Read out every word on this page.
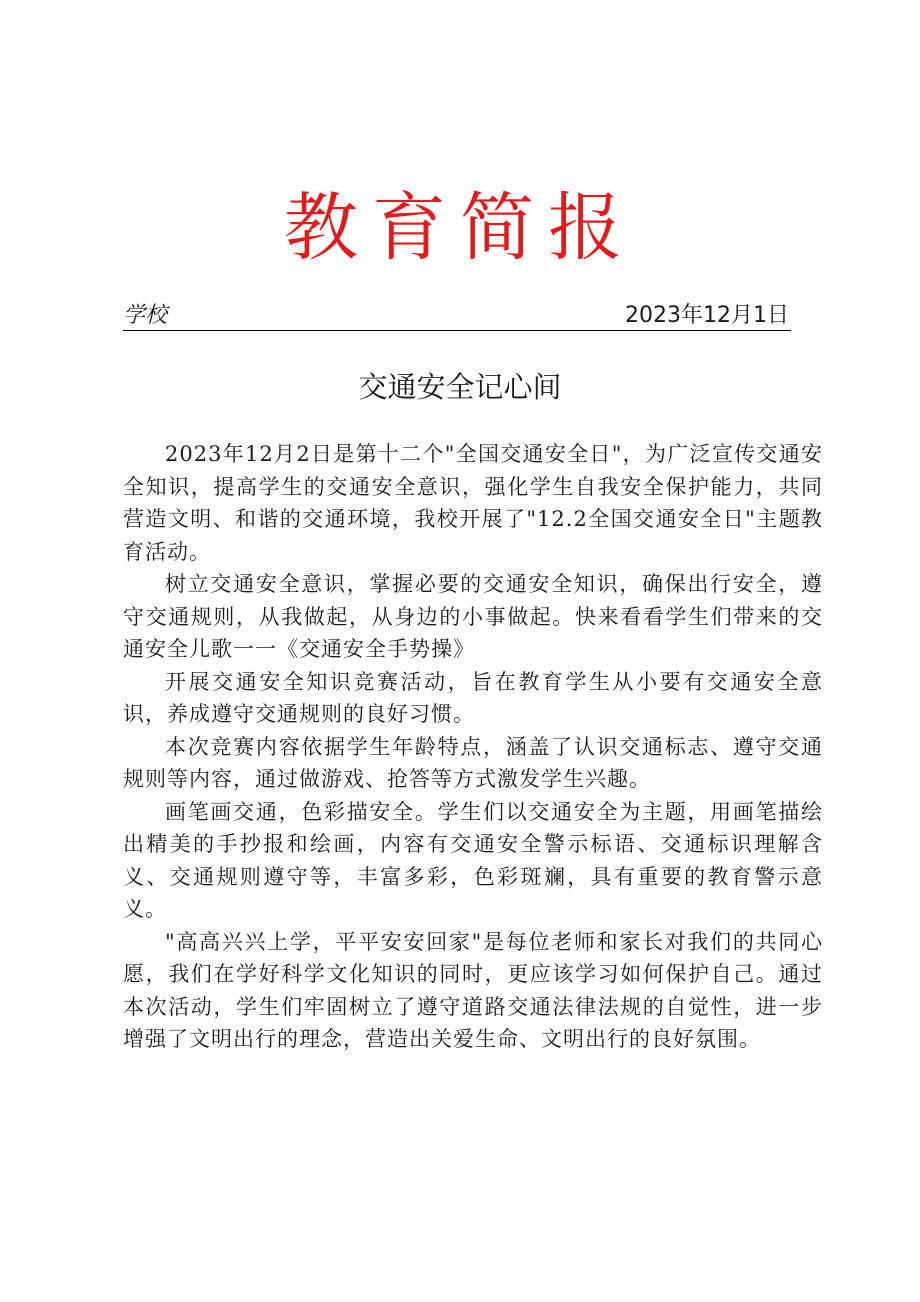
教育简报
学校	2023年12月1日
交通安全记心间

2023年12月2日是第十二个"全国交通安全日"，为广泛宣传交通安全知识，提高学生的交通安全意识，强化学生自我安全保护能力，共同营造文明、和谐的交通环境，我校开展了"12.2全国交通安全日"主题教育活动。

树立交通安全意识，掌握必要的交通安全知识，确保出行安全，遵守交通规则，从我做起，从身边的小事做起。快来看看学生们带来的交通安全儿歌一一《交通安全手势操》

开展交通安全知识竞赛活动，旨在教育学生从小要有交通安全意识，养成遵守交通规则的良好习惯。

本次竞赛内容依据学生年龄特点，涵盖了认识交通标志、遵守交通规则等内容，通过做游戏、抢答等方式激发学生兴趣。

画笔画交通，色彩描安全。学生们以交通安全为主题，用画笔描绘出精美的手抄报和绘画，内容有交通安全警示标语、交通标识理解含义、交通规则遵守等，丰富多彩，色彩斑斓，具有重要的教育警示意义。

"高高兴兴上学，平平安安回家"是每位老师和家长对我们的共同心愿，我们在学好科学文化知识的同时，更应该学习如何保护自己。通过本次活动，学生们牢固树立了遵守道路交通法律法规的自觉性，进一步增强了文明出行的理念，营造出关爱生命、文明出行的良好氛围。
